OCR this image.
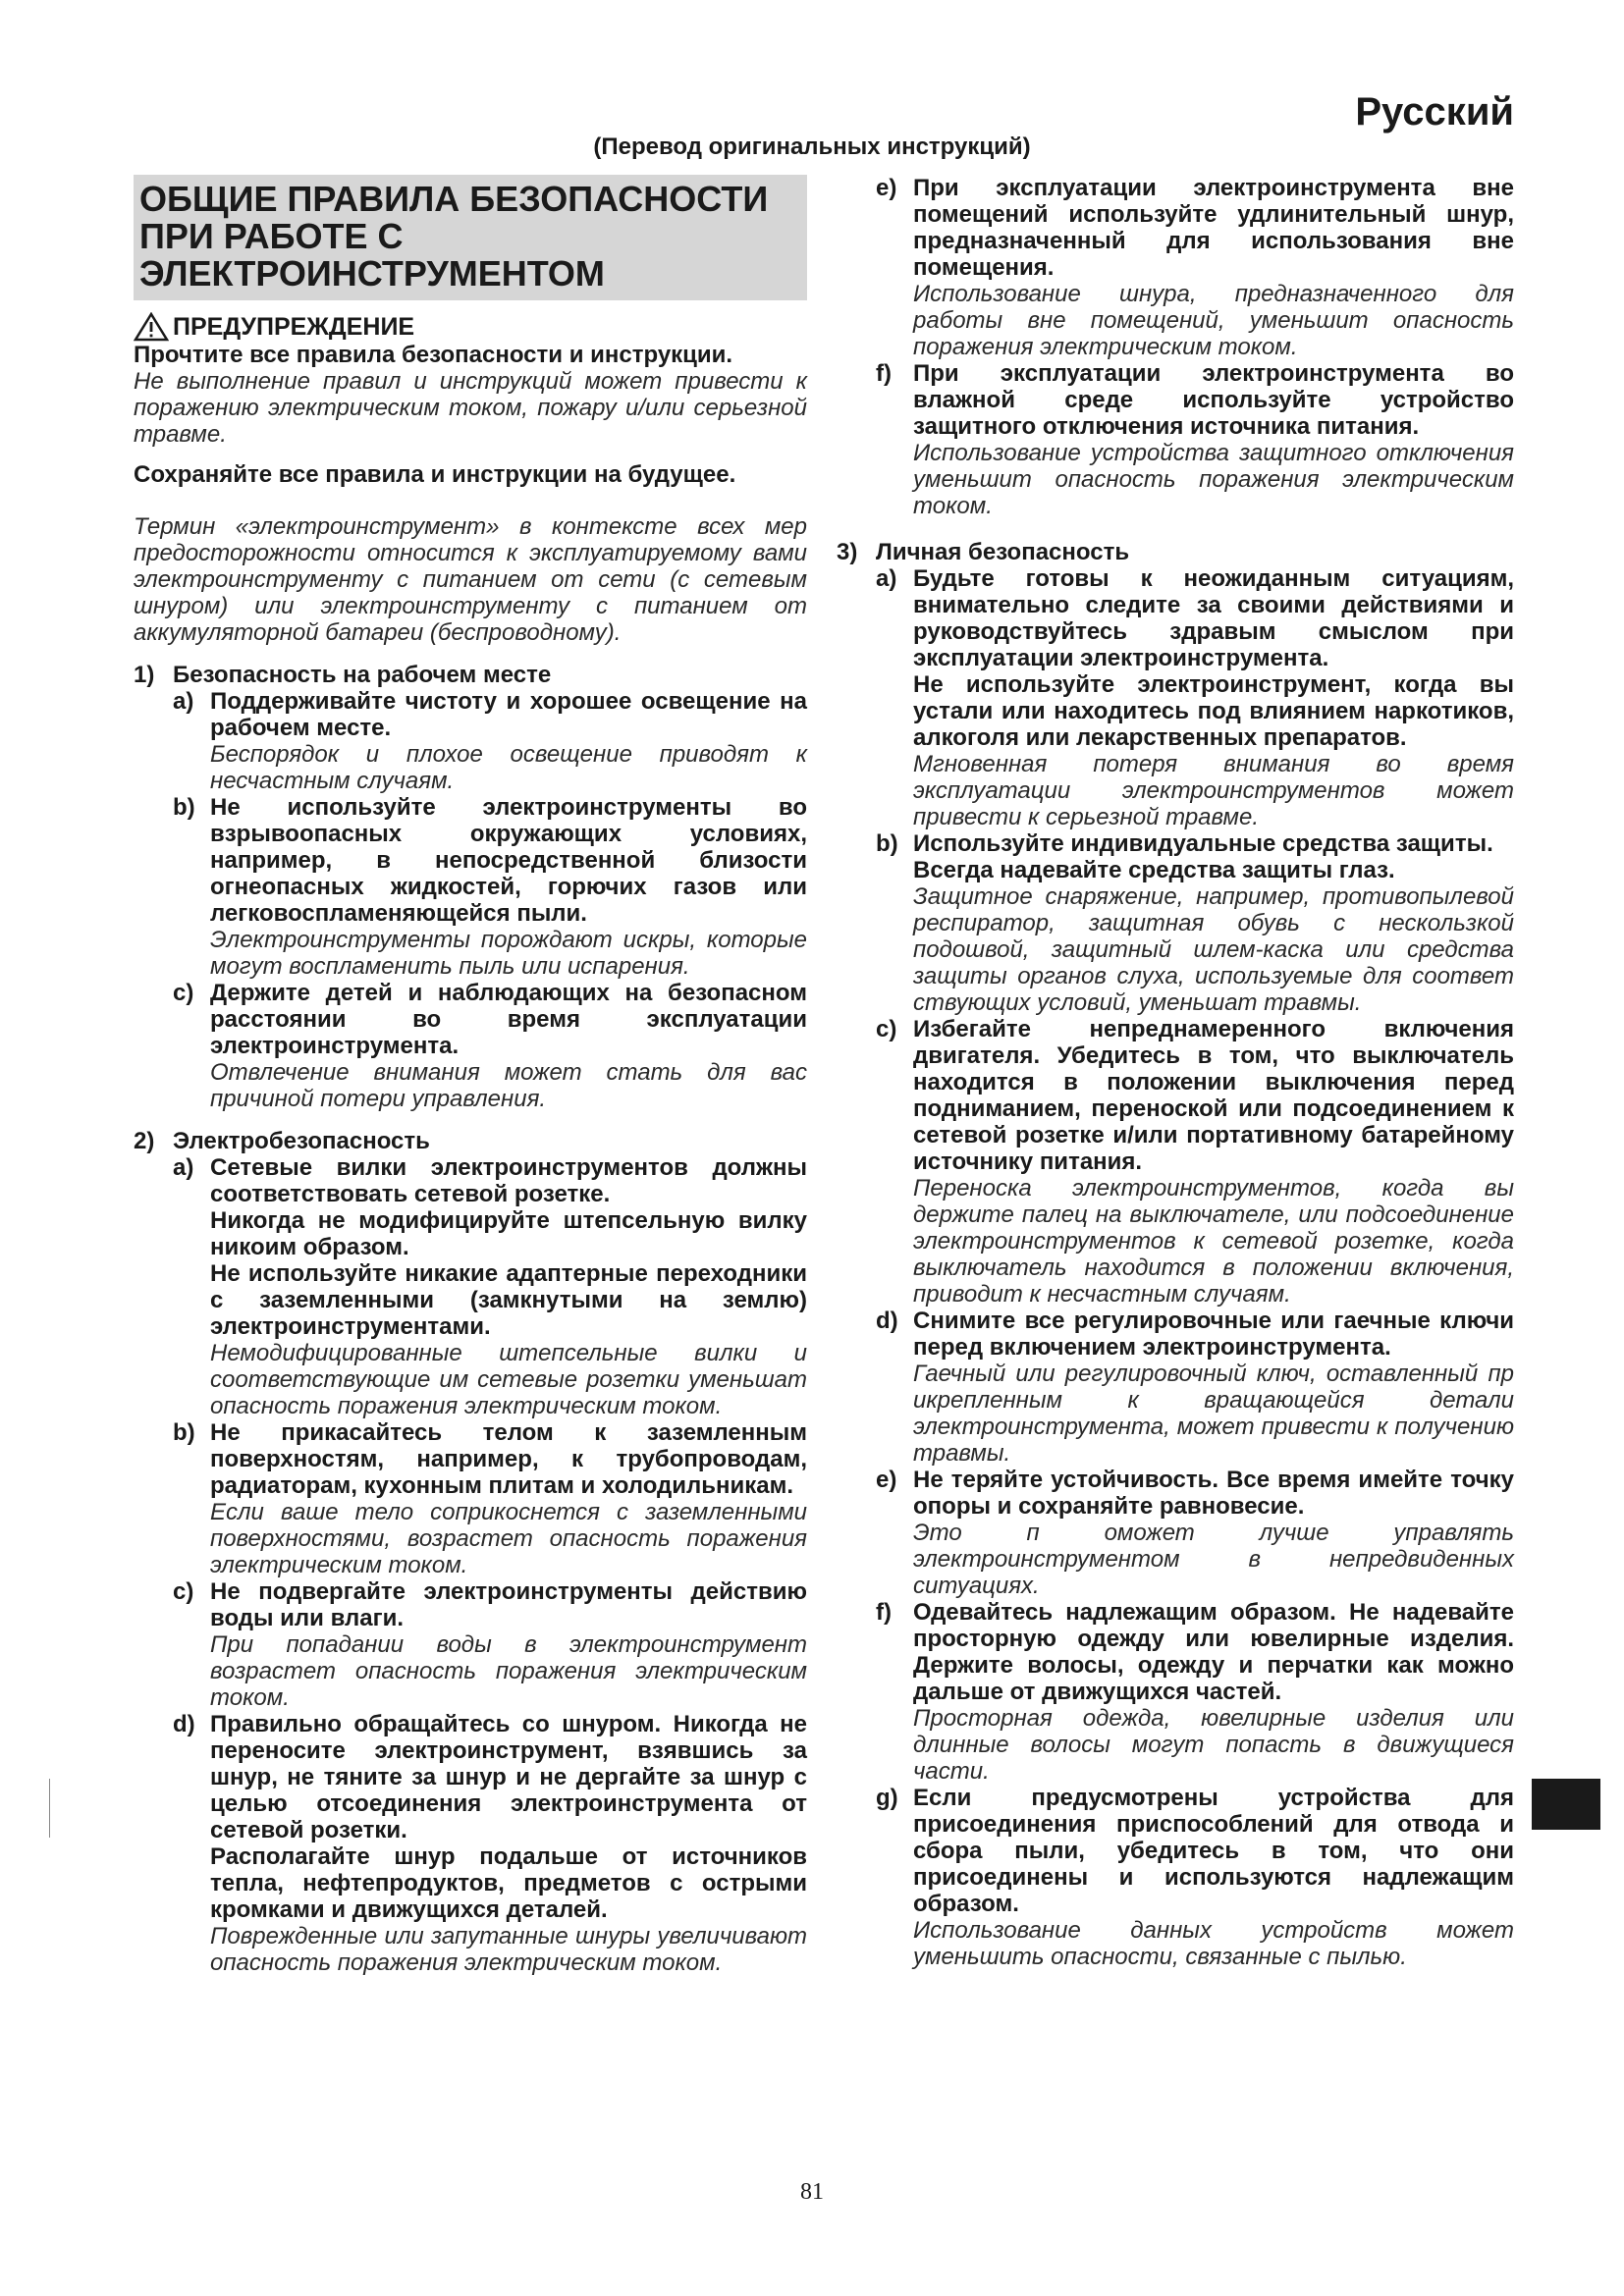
Русский
(Перевод оригинальных инструкций)
ОБЩИЕ ПРАВИЛА БЕЗОПАСНОСТИ ПРИ РАБОТЕ С ЭЛЕКТРОИНСТРУМЕНТОМ
ПРЕДУПРЕЖДЕНИЕ

Прочтите все правила безопасности и инструкции.

Не выполнение правил и инструкций может привести к поражению электрическим током, пожару и/или серьезной травме.

Сохраняйте все правила и инструкции на будущее.

Термин «электроинструмент» в контексте всех мер предосторожности относится к эксплуатируемому вами электроинструменту с питанием от сети (с сетевым шнуром) или электроинструменту с питанием от аккумуляторной батареи (беспроводному).

1) Безопасность на рабочем месте
a) Поддерживайте чистоту и хорошее освещение на рабочем месте.

Беспорядок и плохое освещение приводят к несчастным случаям.

b) Не используйте электроинструменты во взрывоопасных окружающих условиях, например, в непосредственной близости огнеопасных жидкостей, горючих газов или легковоспламеняющейся пыли.

Электроинструменты порождают искры, которые могут воспламенить пыль или испарения.

c) Держите детей и наблюдающих на безопасном расстоянии во время эксплуатации электроинструмента.

Отвлечение внимания может стать для вас причиной потери управления.

2) Электробезопасность
a) Сетевые вилки электроинструментов должны соответствовать сетевой розетке.

Никогда не модифицируйте штепсельную вилку никоим образом.

Не используйте никакие адаптерные переходники с заземленными (замкнутыми на землю) электроинструментами.

Немодифицированные штепсельные вилки и соответствующие им сетевые розетки уменьшат опасность поражения электрическим током.

b) Не прикасайтесь телом к заземленным поверхностям, например, к трубопроводам, радиаторам, кухонным плитам и холодильникам.

Если ваше тело соприкоснется с заземленными поверхностями, возрастет опасность поражения электрическим током.

c) Не подвергайте электроинструменты действию воды или влаги.

При попадании воды в электроинструмент возрастет опасность поражения электрическим током.

d) Правильно обращайтесь со шнуром. Никогда не переносите электроинструмент, взявшись за шнур, не тяните за шнур и не дергайте за шнур с целью отсоединения электроинструмента от сетевой розетки.

Располагайте шнур подальше от источников тепла, нефтепродуктов, предметов с острыми кромками и движущихся деталей.

Поврежденные или запутанные шнуры увеличивают опасность поражения электрическим током.

e) При эксплуатации электроинструмента вне помещений используйте удлинительный шнур, предназначенный для использования вне помещения.

Использование шнура, предназначенного для работы вне помещений, уменьшит опасность поражения электрическим током.

f) При эксплуатации электроинструмента во влажной среде используйте устройство защитного отключения источника питания.

Использование устройства защитного отключения уменьшит опасность поражения электрическим током.

3) Личная безопасность
a) Будьте готовы к неожиданным ситуациям, внимательно следите за своими действиями и руководствуйтесь здравым смыслом при эксплуатации электроинструмента.

Не используйте электроинструмент, когда вы устали или находитесь под влиянием наркотиков, алкоголя или лекарственных препаратов.

Мгновенная потеря внимания во время эксплуатации электроинструментов может привести к серьезной травме.

b) Используйте индивидуальные средства защиты.

Всегда надевайте средства защиты глаз.

Защитное снаряжение, например, противопылевой респиратор, защитная обувь с нескользкой подошвой, защитный шлем-каска или средства защиты органов слуха, используемые для соответ ствующих условий, уменьшат травмы.

c) Избегайте непреднамеренного включения двигателя. Убедитесь в том, что выключатель находится в положении выключения перед подниманием, переноской или подсоединением к сетевой розетке и/или портативному батарейному источнику питания.

Переноска электроинструментов, когда вы держите палец на выключателе, или подсоединение электроинструментов к сетевой розетке, когда выключатель находится в положении включения, приводит к несчастным случаям.

d) Снимите все регулировочные или гаечные ключи перед включением электроинструмента.

Гаечный или регулировочный ключ, оставленный пр икрепленным к вращающейся детали электроинструмента, может привести к получению травмы.

e) Не теряйте устойчивость. Все время имейте точку опоры и сохраняйте равновесие.

Это п оможет лучше управлять электроинструментом в непредвиденных ситуациях.

f) Одевайтесь надлежащим образом. Не надевайте просторную одежду или ювелирные изделия. Держите волосы, одежду и перчатки как можно дальше от движущихся частей.

Просторная одежда, ювелирные изделия или длинные волосы могут попасть в движущиеся части.

g) Если предусмотрены устройства для присоединения приспособлений для отвода и сбора пыли, убедитесь в том, что они присоединены и используются надлежащим образом.

Использование данных устройств может уменьшить опасности, связанные с пылью.

81
